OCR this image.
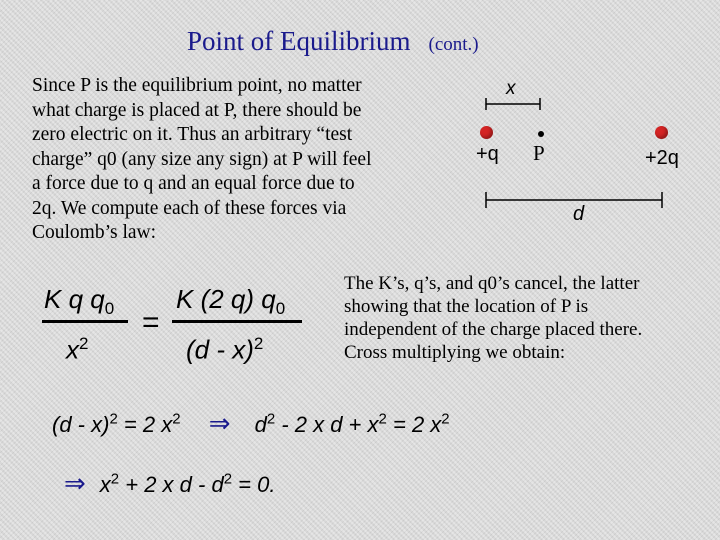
Point of Equilibrium (cont.)
Since P is the equilibrium point, no matter
what charge is placed at P, there should be
zero electric on it. Thus an arbitrary “test
charge” q0 (any size any sign) at P will feel
a force due to q and an equal force due to
2q. We compute each of these forces via
Coulomb’s law:
x
+q P	+2q
d
K q $q_0$
$x^2$
=
K (2 q) $q_0$
(d - x)$^2$
The K’s, q’s, and q0’s cancel, the latter
showing that the location of P is
independent of the charge placed there.
Cross multiplying we obtain:
(d - x)$^2$ = 2 $x^2$ ⇒ $d^2 - 2$ x $d + x^2 = 2$ $x^2$
⇒ $x^2 + 2$ x $d - d^2 = 0$.
